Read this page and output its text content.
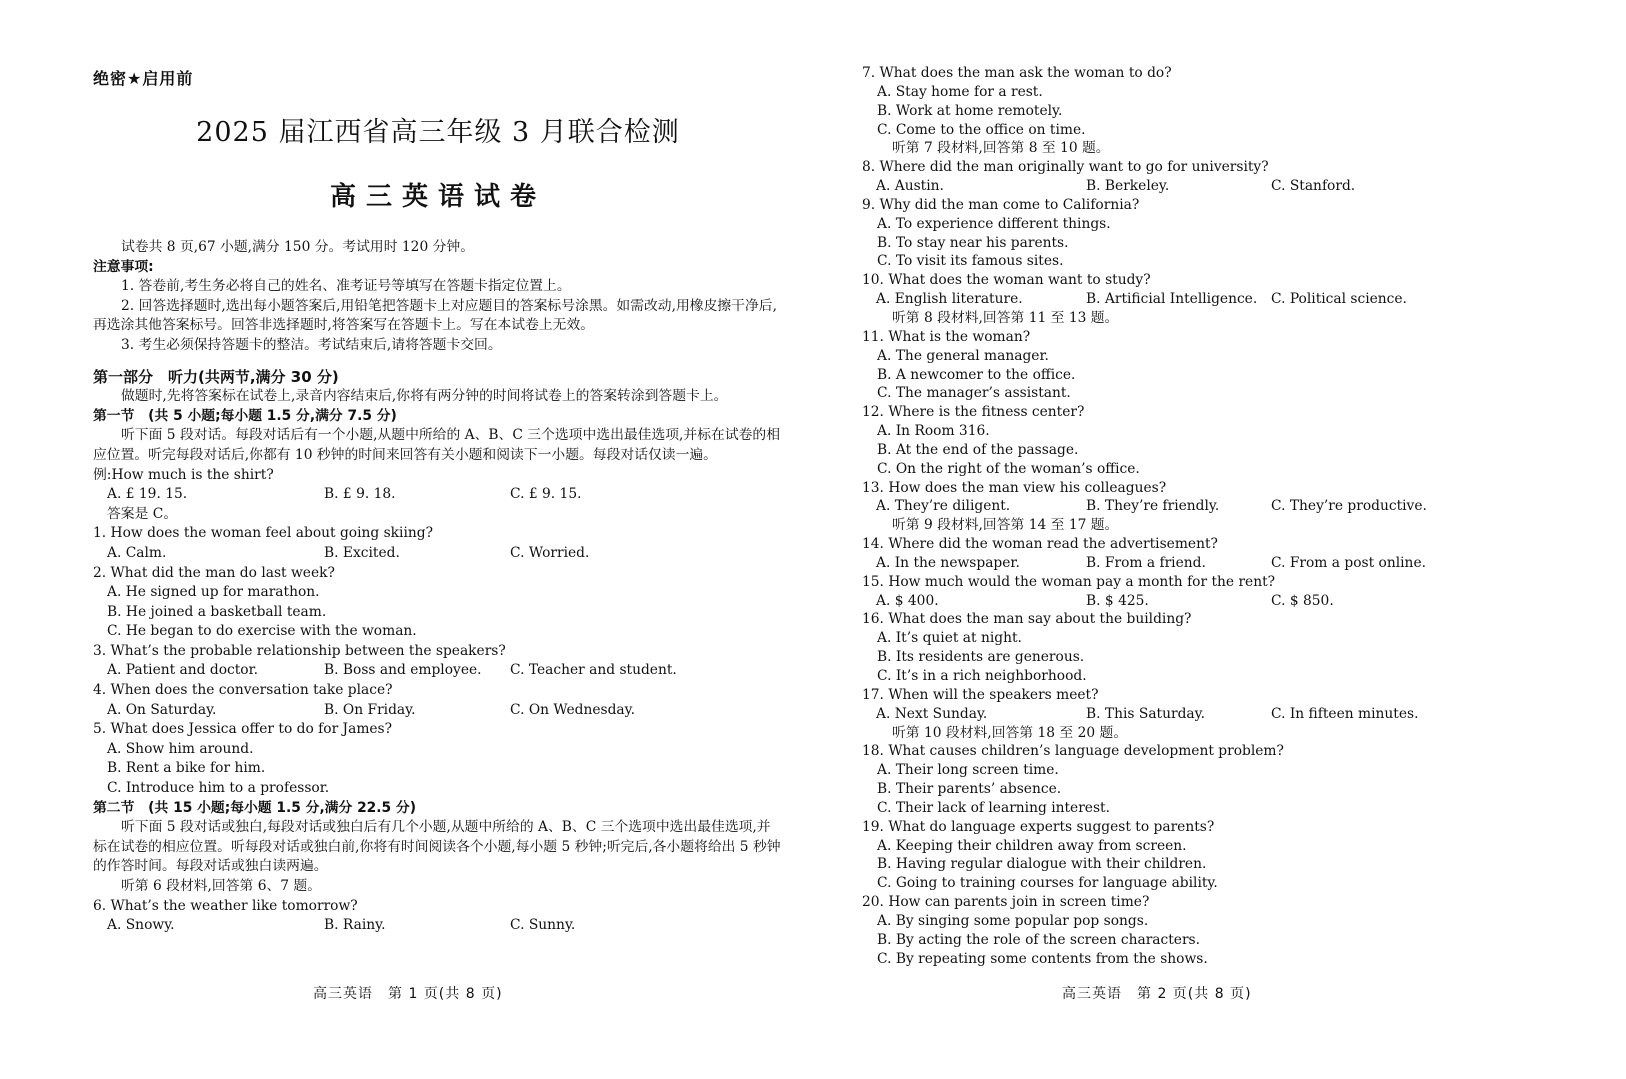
绝密★启用前
2025 届江西省高三年级 3 月联合检测
高三英语试卷

试卷共 8 页,67 小题,满分 150 分。考试用时 120 分钟。

注意事项:

1. 答卷前,考生务必将自己的姓名、准考证号等填写在答题卡指定位置上。

2. 回答选择题时,选出每小题答案后,用铅笔把答题卡上对应题目的答案标号涂黑。如需改动,用橡皮擦干净后,再选涂其他答案标号。回答非选择题时,将答案写在答题卡上。写在本试卷上无效。

3. 考生必须保持答题卡的整洁。考试结束后,请将答题卡交回。

第一部分　听力(共两节,满分 30 分)

做题时,先将答案标在试卷上,录音内容结束后,你将有两分钟的时间将试卷上的答案转涂到答题卡上。

第一节　(共 5 小题;每小题 1.5 分,满分 7.5 分)

听下面 5 段对话。每段对话后有一个小题,从题中所给的 A、B、C 三个选项中选出最佳选项,并标在试卷的相应位置。听完每段对话后,你都有 10 秒钟的时间来回答有关小题和阅读下一小题。每段对话仅读一遍。

例:How much is the shirt?

A. £ 19. 15.	B. £ 9. 18.	C. £ 9. 15.

答案是 C。

1. How does the woman feel about going skiing?

A. Calm.	B. Excited.	C. Worried.

2. What did the man do last week?

A. He signed up for marathon.

B. He joined a basketball team.

C. He began to do exercise with the woman.

3. What’s the probable relationship between the speakers?

A. Patient and doctor.	B. Boss and employee.	C. Teacher and student.

4. When does the conversation take place?

A. On Saturday.	B. On Friday.	C. On Wednesday.

5. What does Jessica offer to do for James?

A. Show him around.

B. Rent a bike for him.

C. Introduce him to a professor.

第二节　(共 15 小题;每小题 1.5 分,满分 22.5 分)

听下面 5 段对话或独白,每段对话或独白后有几个小题,从题中所给的 A、B、C 三个选项中选出最佳选项,并标在试卷的相应位置。听每段对话或独白前,你将有时间阅读各个小题,每小题 5 秒钟;听完后,各小题将给出 5 秒钟的作答时间。每段对话或独白读两遍。

听第 6 段材料,回答第 6、7 题。

6. What’s the weather like tomorrow?

A. Snowy.	B. Rainy.	C. Sunny.
高三英语　第 1 页(共 8 页)

7. What does the man ask the woman to do?

A. Stay home for a rest.

B. Work at home remotely.

C. Come to the office on time.

听第 7 段材料,回答第 8 至 10 题。

8. Where did the man originally want to go for university?

A. Austin.	B. Berkeley.	C. Stanford.

9. Why did the man come to California?

A. To experience different things.

B. To stay near his parents.

C. To visit its famous sites.

10. What does the woman want to study?

A. English literature.	B. Artificial Intelligence. C. Political science.

听第 8 段材料,回答第 11 至 13 题。

11. What is the woman?

A. The general manager.

B. A newcomer to the office.

C. The manager’s assistant.

12. Where is the fitness center?

A. In Room 316.

B. At the end of the passage.

C. On the right of the woman’s office.

13. How does the man view his colleagues?

A. They’re diligent.	B. They’re friendly.	C. They’re productive.

听第 9 段材料,回答第 14 至 17 题。

14. Where did the woman read the advertisement?

A. In the newspaper.	B. From a friend.	C. From a post online.

15. How much would the woman pay a month for the rent?

A. $ 400.	B. $ 425.	C. $ 850.

16. What does the man say about the building?

A. It’s quiet at night.

B. Its residents are generous.

C. It’s in a rich neighborhood.

17. When will the speakers meet?

A. Next Sunday.	B. This Saturday.	C. In fifteen minutes.

听第 10 段材料,回答第 18 至 20 题。

18. What causes children’s language development problem?

A. Their long screen time.

B. Their parents’ absence.

C. Their lack of learning interest.

19. What do language experts suggest to parents?

A. Keeping their children away from screen.

B. Having regular dialogue with their children.

C. Going to training courses for language ability.

20. How can parents join in screen time?

A. By singing some popular pop songs.

B. By acting the role of the screen characters.

C. By repeating some contents from the shows.

高三英语　第 2 页(共 8 页)
